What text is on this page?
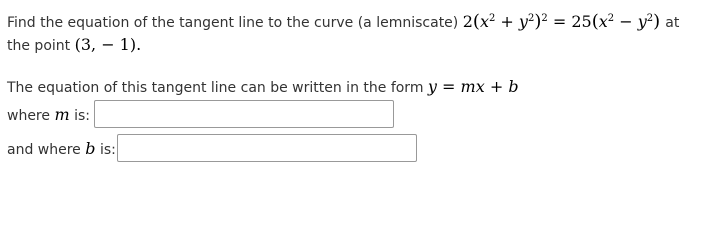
Find the equation of the tangent line to the curve (a lemniscate) $2(x^2 + y^2)^2 = 25(x^2 - y^2)$ at
the point (3, − 1).
The equation of this tangent line can be written in the form y = mx + b
where m is:
and where b is:
